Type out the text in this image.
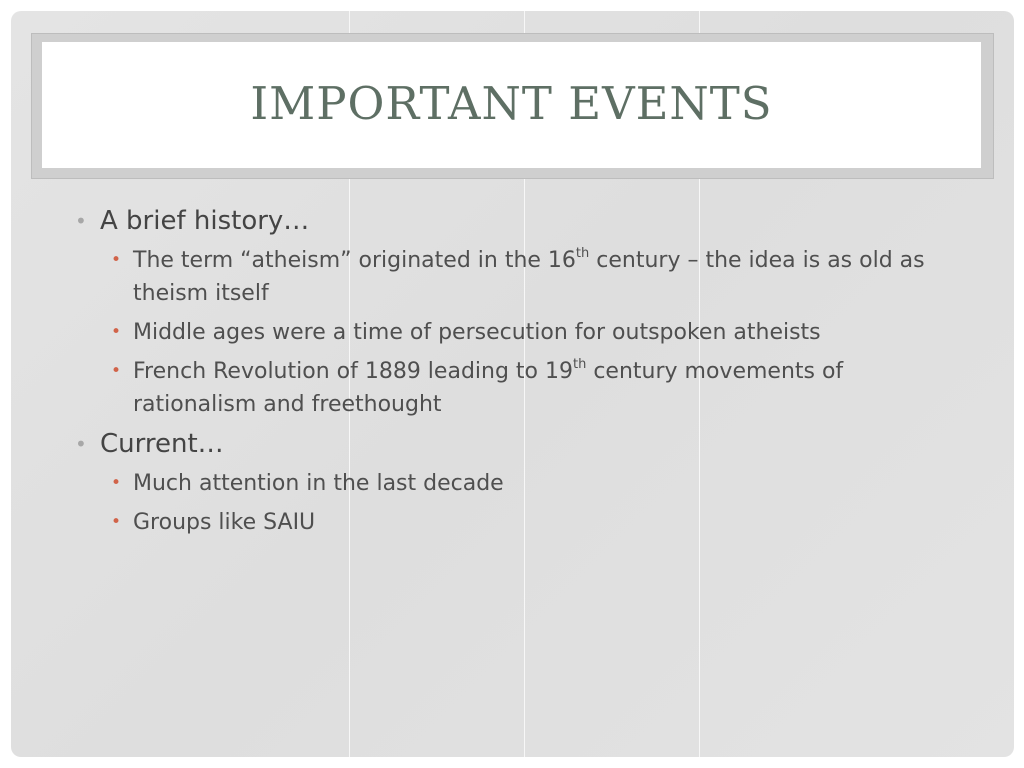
IMPORTANT EVENTS
• A brief history…
• The term “atheism” originated in the 16th century – the idea is as old as theism itself
• Middle ages were a time of persecution for outspoken atheists
• French Revolution of 1889 leading to 19th century movements of rationalism and freethought
• Current…
• Much attention in the last decade
• Groups like SAIU
